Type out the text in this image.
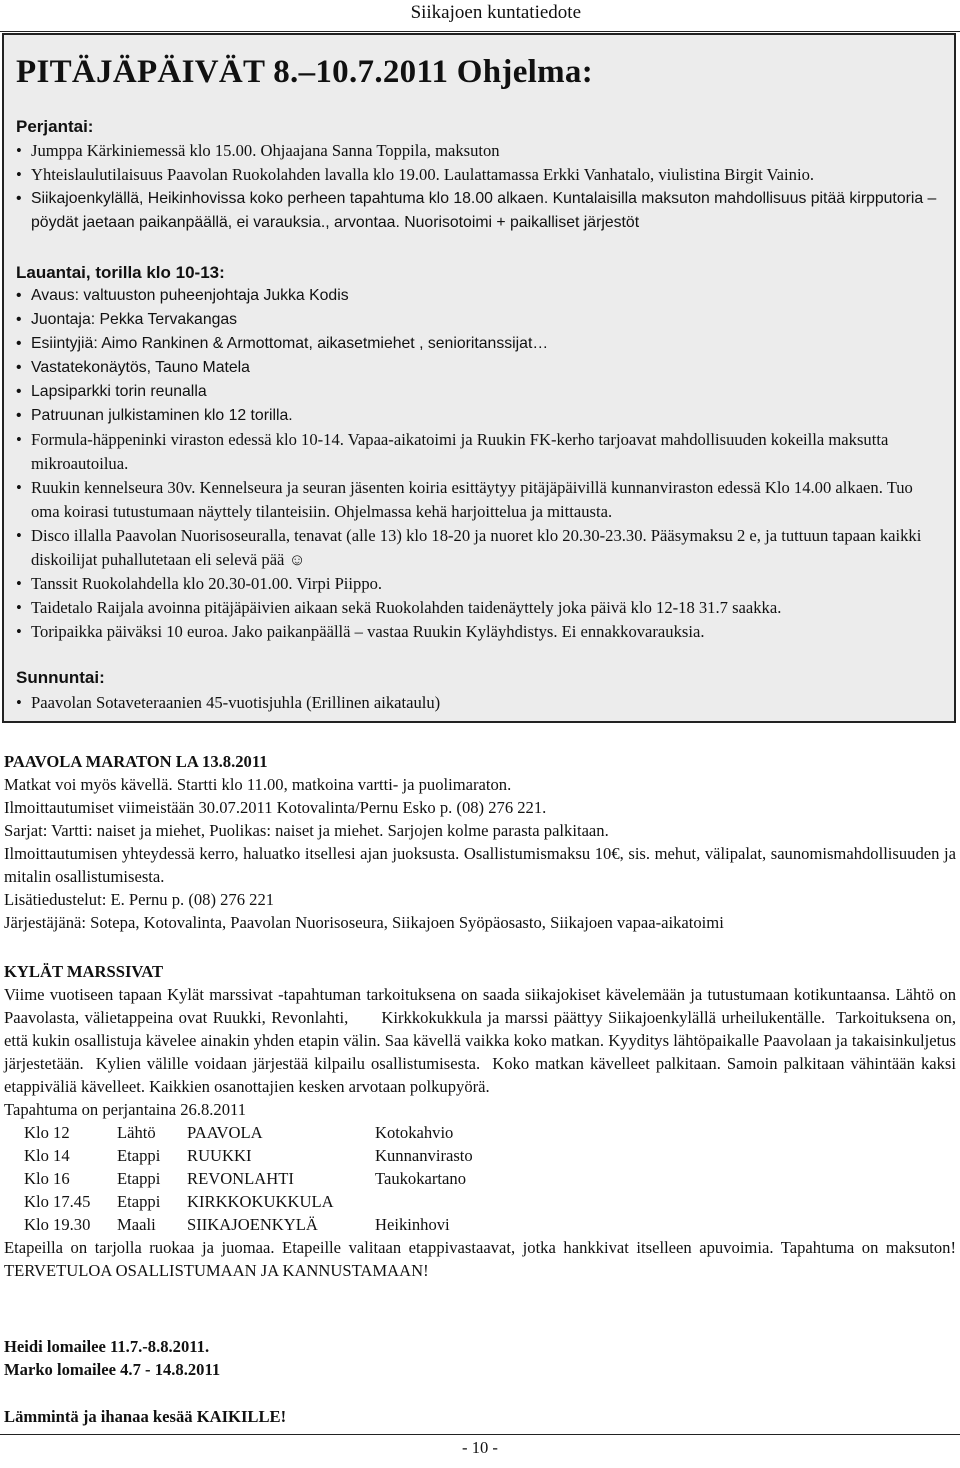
Siikajoen kuntatiedote
PITÄJÄPÄIVÄT 8.–10.7.2011 Ohjelma:
Perjantai:
• Jumppa Kärkiniemessä klo 15.00. Ohjaajana Sanna Toppila, maksuton
• Yhteislaulutilaisuus Paavolan Ruokolahden lavalla klo 19.00. Laulattamassa Erkki Vanhatalo, viulistina Birgit Vainio.
• Siikajoenkylällä, Heikinhovissa koko perheen tapahtuma klo 18.00 alkaen. Kuntalaisilla maksuton mahdollisuus pitää kirpputoria – pöydät jaetaan paikanpäällä, ei varauksia., arvontaa. Nuorisotoimi + paikalliset järjestöt
Lauantai, torilla klo 10-13:
• Avaus: valtuuston puheenjohtaja Jukka Kodis
• Juontaja: Pekka Tervakangas
• Esiintyjiä: Aimo Rankinen & Armottomat, aikasetmiehet , senioritanssijat…
• Vastatekonäytös, Tauno Matela
• Lapsiparkki torin reunalla
• Patruunan julkistaminen klo 12 torilla.
• Formula-häppeninki viraston edessä klo 10-14. Vapaa-aikatoimi ja Ruukin FK-kerho tarjoavat mahdollisuuden kokeilla maksutta mikroautoilua.
• Ruukin kennelseura 30v. Kennelseura ja seuran jäsenten koiria esittäytyy pitäjäpäivillä kunnanviraston edessä Klo 14.00 alkaen. Tuo oma koirasi tutustumaan näyttely tilanteisiin. Ohjelmassa kehä harjoittelua ja mittausta.
• Disco illalla Paavolan Nuorisoseuralla, tenavat (alle 13) klo 18-20 ja nuoret klo 20.30-23.30. Pääsymaksu 2 e, ja tuttuun tapaan kaikki diskoilijat puhallutetaan eli selevä pää ☺
• Tanssit Ruokolahdella klo 20.30-01.00. Virpi Piippo.
• Taidetalo Raijala avoinna pitäjäpäivien aikaan sekä Ruokolahden taidenäyttely joka päivä klo 12-18 31.7 saakka.
• Toripaikka päiväksi 10 euroa. Jako paikanpäällä – vastaa Ruukin Kyläyhdistys. Ei ennakkovarauksia.
Sunnuntai:
• Paavolan Sotaveteraanien 45-vuotisjuhla (Erillinen aikataulu)
PAAVOLA MARATON LA 13.8.2011
Matkat voi myös kävellä. Startti klo 11.00, matkoina vartti- ja puolimaraton.
Ilmoittautumiset viimeistään 30.07.2011 Kotovalinta/Pernu Esko p. (08) 276 221.
Sarjat: Vartti: naiset ja miehet, Puolikas: naiset ja miehet. Sarjojen kolme parasta palkitaan.
Ilmoittautumisen yhteydessä kerro, haluatko itsellesi ajan juoksusta. Osallistumismaksu 10€, sis. mehut, välipalat, saunomismahdollisuuden ja mitalin osallistumisesta.
Lisätiedustelut: E. Pernu p. (08) 276 221
Järjestäjänä: Sotepa, Kotovalinta, Paavolan Nuorisoseura, Siikajoen Syöpäosasto, Siikajoen vapaa-aikatoimi
KYLÄT MARSSIVAT
Viime vuotiseen tapaan Kylät marssivat -tapahtuman tarkoituksena on saada siikajokiset kävelemään ja tutustumaan kotikuntaansa. Lähtö on Paavolasta, välietappeina ovat Ruukki, Revonlahti,      Kirkkokukkula ja marssi päättyy Siikajoenkylällä urheilukentälle.  Tarkoituksena on, että kukin osallistuja kävelee ainakin yhden etapin välin. Saa kävellä vaikka koko matkan. Kyyditys lähtöpaikalle Paavolaan ja takaisinkuljetus järjestetään.  Kylien välille voidaan järjestää kilpailu osallistumisesta.  Koko matkan kävelleet palkitaan. Samoin palkitaan vähintään kaksi etappiväliä kävelleet. Kaikkien osanottajien kesken arvotaan polkupyörä.
Tapahtuma on perjantaina 26.8.2011
Klo 12	Lähtö	PAAVOLA	Kotokahvio
Klo 14	Etappi	RUUKKI	Kunnanvirasto
Klo 16	Etappi	REVONLAHTI	Taukokartano
Klo 17.45	Etappi	KIRKKOKUKKULA	
Klo 19.30	Maali	SIIKAJOENKYLÄ	Heikinhovi
Etapeilla on tarjolla ruokaa ja juomaa. Etapeille valitaan etappivastaavat, jotka hankkivat itselleen apuvoimia. Tapahtuma on maksuton! TERVETULOA OSALLISTUMAAN JA KANNUSTAMAAN!
Heidi lomailee 11.7.-8.8.2011.
Marko lomailee 4.7 - 14.8.2011
Lämmintä ja ihanaa kesää KAIKILLE!
- 10 -
